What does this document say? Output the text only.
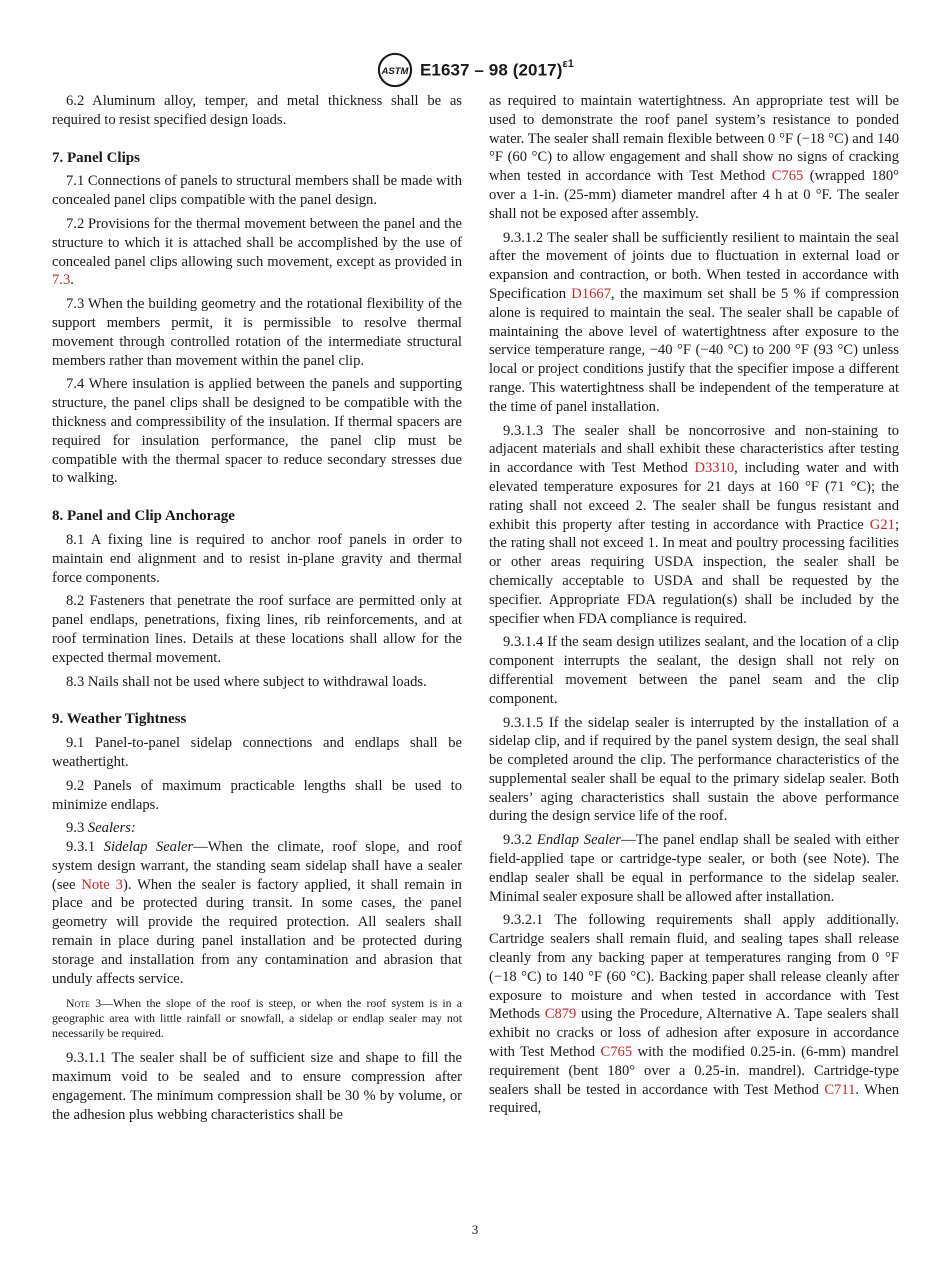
ASTM E1637 – 98 $(2017)^{\varepsilon 1}$

6.2 Aluminum alloy, temper, and metal thickness shall be as required to resist specified design loads.

7. Panel Clips

7.1 Connections of panels to structural members shall be made with concealed panel clips compatible with the panel design.

7.2 Provisions for the thermal movement between the panel and the structure to which it is attached shall be accomplished by the use of concealed panel clips allowing such movement, except as provided in 7.3.

7.3 When the building geometry and the rotational flexibility of the support members permit, it is permissible to resolve thermal movement through controlled rotation of the intermediate structural members rather than movement within the panel clip.

7.4 Where insulation is applied between the panels and supporting structure, the panel clips shall be designed to be compatible with the thickness and compressibility of the insulation. If thermal spacers are required for insulation performance, the panel clip must be compatible with the thermal spacer to reduce secondary stresses due to walking.

8. Panel and Clip Anchorage

8.1 A fixing line is required to anchor roof panels in order to maintain end alignment and to resist in-plane gravity and thermal force components.

8.2 Fasteners that penetrate the roof surface are permitted only at panel endlaps, penetrations, fixing lines, rib reinforcements, and at roof termination lines. Details at these locations shall allow for the expected thermal movement.

8.3 Nails shall not be used where subject to withdrawal loads.

9. Weather Tightness

9.1 Panel-to-panel sidelap connections and endlaps shall be weathertight.

9.2 Panels of maximum practicable lengths shall be used to minimize endlaps.

9.3 Sealers:

9.3.1 Sidelap Sealer—When the climate, roof slope, and roof system design warrant, the standing seam sidelap shall have a sealer (see Note 3). When the sealer is factory applied, it shall remain in place and be protected during transit. In some cases, the panel geometry will provide the required protection. All sealers shall remain in place during panel installation and be protected during storage and installation from any contamination and abrasion that unduly affects service.

Note 3—When the slope of the roof is steep, or when the roof system is in a geographic area with little rainfall or snowfall, a sidelap or endlap sealer may not necessarily be required.

9.3.1.1 The sealer shall be of sufficient size and shape to fill the maximum void to be sealed and to ensure compression after engagement. The minimum compression shall be 30 % by volume, or the adhesion plus webbing characteristics shall be

as required to maintain watertightness. An appropriate test will be used to demonstrate the roof panel system’s resistance to ponded water. The sealer shall remain flexible between 0 °F (−18 °C) and 140 °F (60 °C) to allow engagement and shall show no signs of cracking when tested in accordance with Test Method C765 (wrapped 180° over a 1-in. (25-mm) diameter mandrel after 4 h at 0 °F. The sealer shall not be exposed after assembly.

9.3.1.2 The sealer shall be sufficiently resilient to maintain the seal after the movement of joints due to fluctuation in external load or expansion and contraction, or both. When tested in accordance with Specification D1667, the maximum set shall be 5 % if compression alone is required to maintain the seal. The sealer shall be capable of maintaining the above level of watertightness after exposure to the service temperature range, −40 °F (−40 °C) to 200 °F (93 °C) unless local or project conditions justify that the specifier impose a different range. This watertightness shall be independent of the temperature at the time of panel installation.

9.3.1.3 The sealer shall be noncorrosive and non-staining to adjacent materials and shall exhibit these characteristics after testing in accordance with Test Method D3310, including water and with elevated temperature exposures for 21 days at 160 °F (71 °C); the rating shall not exceed 2. The sealer shall be fungus resistant and exhibit this property after testing in accordance with Practice G21; the rating shall not exceed 1. In meat and poultry processing facilities or other areas requiring USDA inspection, the sealer shall be chemically acceptable to USDA and shall be requested by the specifier. Appropriate FDA regulation(s) shall be included by the specifier when FDA compliance is required.

9.3.1.4 If the seam design utilizes sealant, and the location of a clip component interrupts the sealant, the design shall not rely on differential movement between the panel seam and the clip component.

9.3.1.5 If the sidelap sealer is interrupted by the installation of a sidelap clip, and if required by the panel system design, the seal shall be completed around the clip. The performance characteristics of the supplemental sealer shall be equal to the primary sidelap sealer. Both sealers’ aging characteristics shall sustain the above performance during the design service life of the roof.

9.3.2 Endlap Sealer—The panel endlap shall be sealed with either field-applied tape or cartridge-type sealer, or both (see Note). The endlap sealer shall be equal in performance to the sidelap sealer. Minimal sealer exposure shall be allowed after installation.

9.3.2.1 The following requirements shall apply additionally. Cartridge sealers shall remain fluid, and sealing tapes shall release cleanly from any backing paper at temperatures ranging from 0 °F (−18 °C) to 140 °F (60 °C). Backing paper shall release cleanly after exposure to moisture and when tested in accordance with Test Methods C879 using the Procedure, Alternative A. Tape sealers shall exhibit no cracks or loss of adhesion after exposure in accordance with Test Method C765 with the modified 0.25-in. (6-mm) mandrel requirement (bent 180° over a 0.25-in. mandrel). Cartridge-type sealers shall be tested in accordance with Test Method C711. When required,

3
